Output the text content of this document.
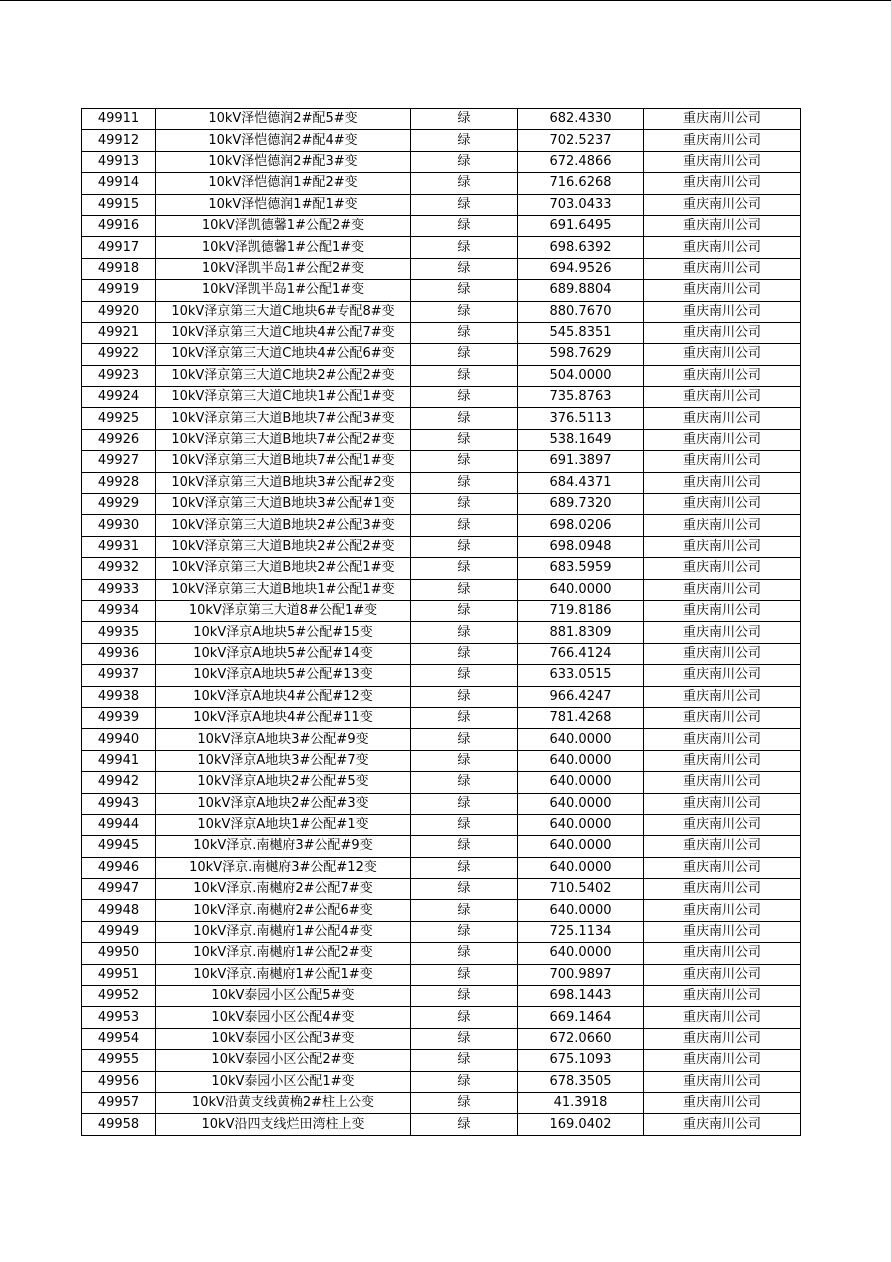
49911	10kV泽恺德润2#配5#变	绿	682.4330	重庆南川公司
49912	10kV泽恺德润2#配4#变	绿	702.5237	重庆南川公司
49913	10kV泽恺德润2#配3#变	绿	672.4866	重庆南川公司
49914	10kV泽恺德润1#配2#变	绿	716.6268	重庆南川公司
49915	10kV泽恺德润1#配1#变	绿	703.0433	重庆南川公司
49916	10kV泽凯德馨1#公配2#变	绿	691.6495	重庆南川公司
49917	10kV泽凯德馨1#公配1#变	绿	698.6392	重庆南川公司
49918	10kV泽凯半岛1#公配2#变	绿	694.9526	重庆南川公司
49919	10kV泽凯半岛1#公配1#变	绿	689.8804	重庆南川公司
49920	10kV泽京第三大道C地块6#专配8#变	绿	880.7670	重庆南川公司
49921	10kV泽京第三大道C地块4#公配7#变	绿	545.8351	重庆南川公司
49922	10kV泽京第三大道C地块4#公配6#变	绿	598.7629	重庆南川公司
49923	10kV泽京第三大道C地块2#公配2#变	绿	504.0000	重庆南川公司
49924	10kV泽京第三大道C地块1#公配1#变	绿	735.8763	重庆南川公司
49925	10kV泽京第三大道B地块7#公配3#变	绿	376.5113	重庆南川公司
49926	10kV泽京第三大道B地块7#公配2#变	绿	538.1649	重庆南川公司
49927	10kV泽京第三大道B地块7#公配1#变	绿	691.3897	重庆南川公司
49928	10kV泽京第三大道B地块3#公配#2变	绿	684.4371	重庆南川公司
49929	10kV泽京第三大道B地块3#公配#1变	绿	689.7320	重庆南川公司
49930	10kV泽京第三大道B地块2#公配3#变	绿	698.0206	重庆南川公司
49931	10kV泽京第三大道B地块2#公配2#变	绿	698.0948	重庆南川公司
49932	10kV泽京第三大道B地块2#公配1#变	绿	683.5959	重庆南川公司
49933	10kV泽京第三大道B地块1#公配1#变	绿	640.0000	重庆南川公司
49934	10kV泽京第三大道8#公配1#变	绿	719.8186	重庆南川公司
49935	10kV泽京A地块5#公配#15变	绿	881.8309	重庆南川公司
49936	10kV泽京A地块5#公配#14变	绿	766.4124	重庆南川公司
49937	10kV泽京A地块5#公配#13变	绿	633.0515	重庆南川公司
49938	10kV泽京A地块4#公配#12变	绿	966.4247	重庆南川公司
49939	10kV泽京A地块4#公配#11变	绿	781.4268	重庆南川公司
49940	10kV泽京A地块3#公配#9变	绿	640.0000	重庆南川公司
49941	10kV泽京A地块3#公配#7变	绿	640.0000	重庆南川公司
49942	10kV泽京A地块2#公配#5变	绿	640.0000	重庆南川公司
49943	10kV泽京A地块2#公配#3变	绿	640.0000	重庆南川公司
49944	10kV泽京A地块1#公配#1变	绿	640.0000	重庆南川公司
49945	10kV泽京.南樾府3#公配#9变	绿	640.0000	重庆南川公司
49946	10kV泽京.南樾府3#公配#12变	绿	640.0000	重庆南川公司
49947	10kV泽京.南樾府2#公配7#变	绿	710.5402	重庆南川公司
49948	10kV泽京.南樾府2#公配6#变	绿	640.0000	重庆南川公司
49949	10kV泽京.南樾府1#公配4#变	绿	725.1134	重庆南川公司
49950	10kV泽京.南樾府1#公配2#变	绿	640.0000	重庆南川公司
49951	10kV泽京.南樾府1#公配1#变	绿	700.9897	重庆南川公司
49952	10kV泰园小区公配5#变	绿	698.1443	重庆南川公司
49953	10kV泰园小区公配4#变	绿	669.1464	重庆南川公司
49954	10kV泰园小区公配3#变	绿	672.0660	重庆南川公司
49955	10kV泰园小区公配2#变	绿	675.1093	重庆南川公司
49956	10kV泰园小区公配1#变	绿	678.3505	重庆南川公司
49957	10kV沿黄支线黄桷2#柱上公变	绿	41.3918	重庆南川公司
49958	10kV沿四支线烂田湾柱上变	绿	169.0402	重庆南川公司
